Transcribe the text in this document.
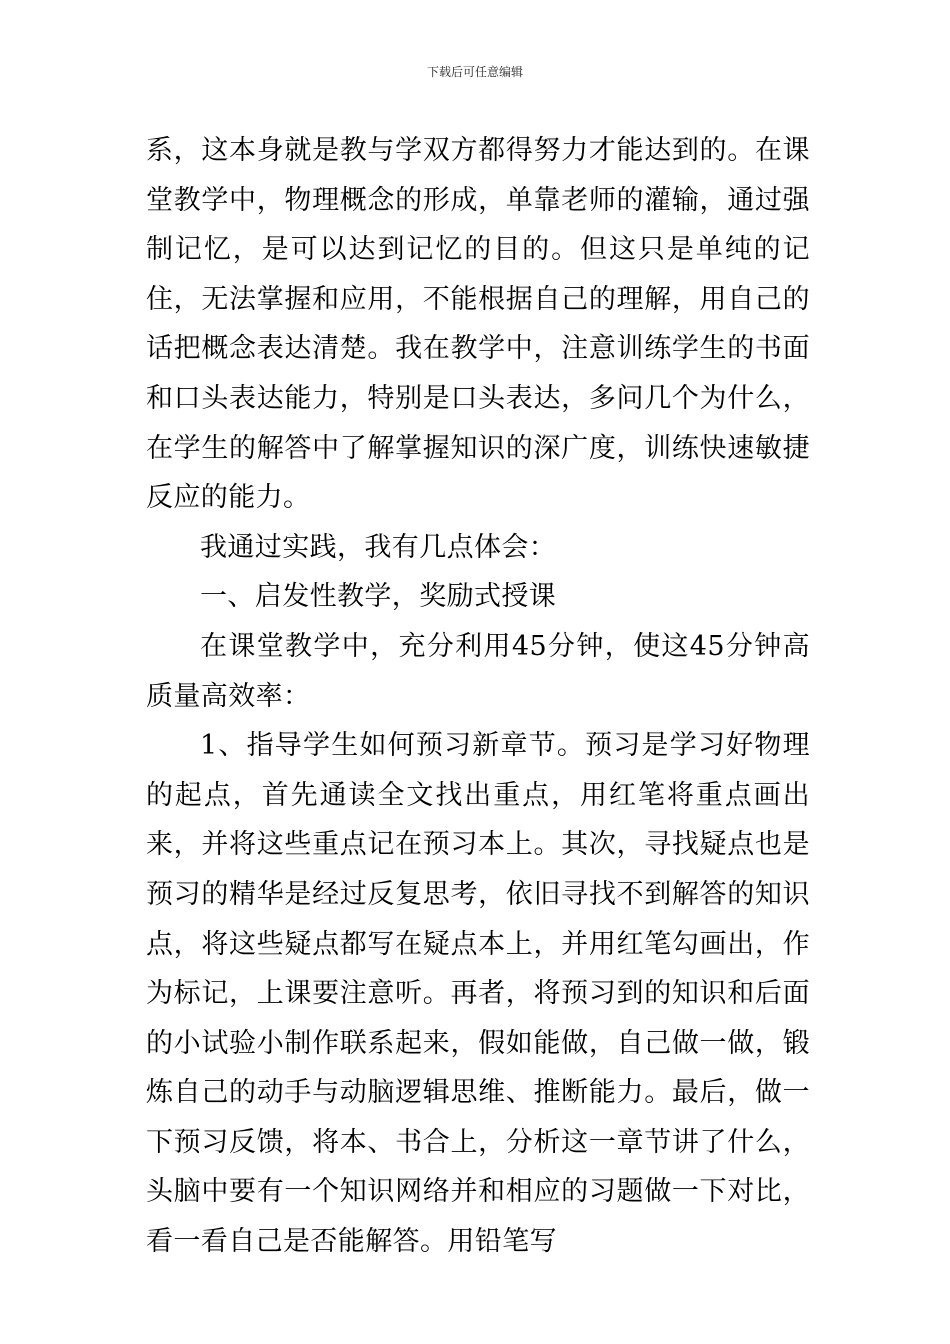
下载后可任意编辑

系，这本身就是教与学双方都得努力才能达到的。在课堂教学中，物理概念的形成，单靠老师的灌输，通过强制记忆，是可以达到记忆的目的。但这只是单纯的记住，无法掌握和应用，不能根据自己的理解，用自己的话把概念表达清楚。我在教学中，注意训练学生的书面和口头表达能力，特别是口头表达，多问几个为什么，在学生的解答中了解掌握知识的深广度，训练快速敏捷反应的能力。

我通过实践，我有几点体会：

一、启发性教学，奖励式授课

在课堂教学中，充分利用45分钟，使这45分钟高质量高效率：

1、指导学生如何预习新章节。预习是学习好物理的起点，首先通读全文找出重点，用红笔将重点画出来，并将这些重点记在预习本上。其次，寻找疑点也是预习的精华是经过反复思考，依旧寻找不到解答的知识点，将这些疑点都写在疑点本上，并用红笔勾画出，作为标记，上课要注意听。再者，将预习到的知识和后面的小试验小制作联系起来，假如能做，自己做一做，锻炼自己的动手与动脑逻辑思维、推断能力。最后，做一下预习反馈，将本、书合上，分析这一章节讲了什么，头脑中要有一个知识网络并和相应的习题做一下对比，看一看自己是否能解答。用铅笔写
